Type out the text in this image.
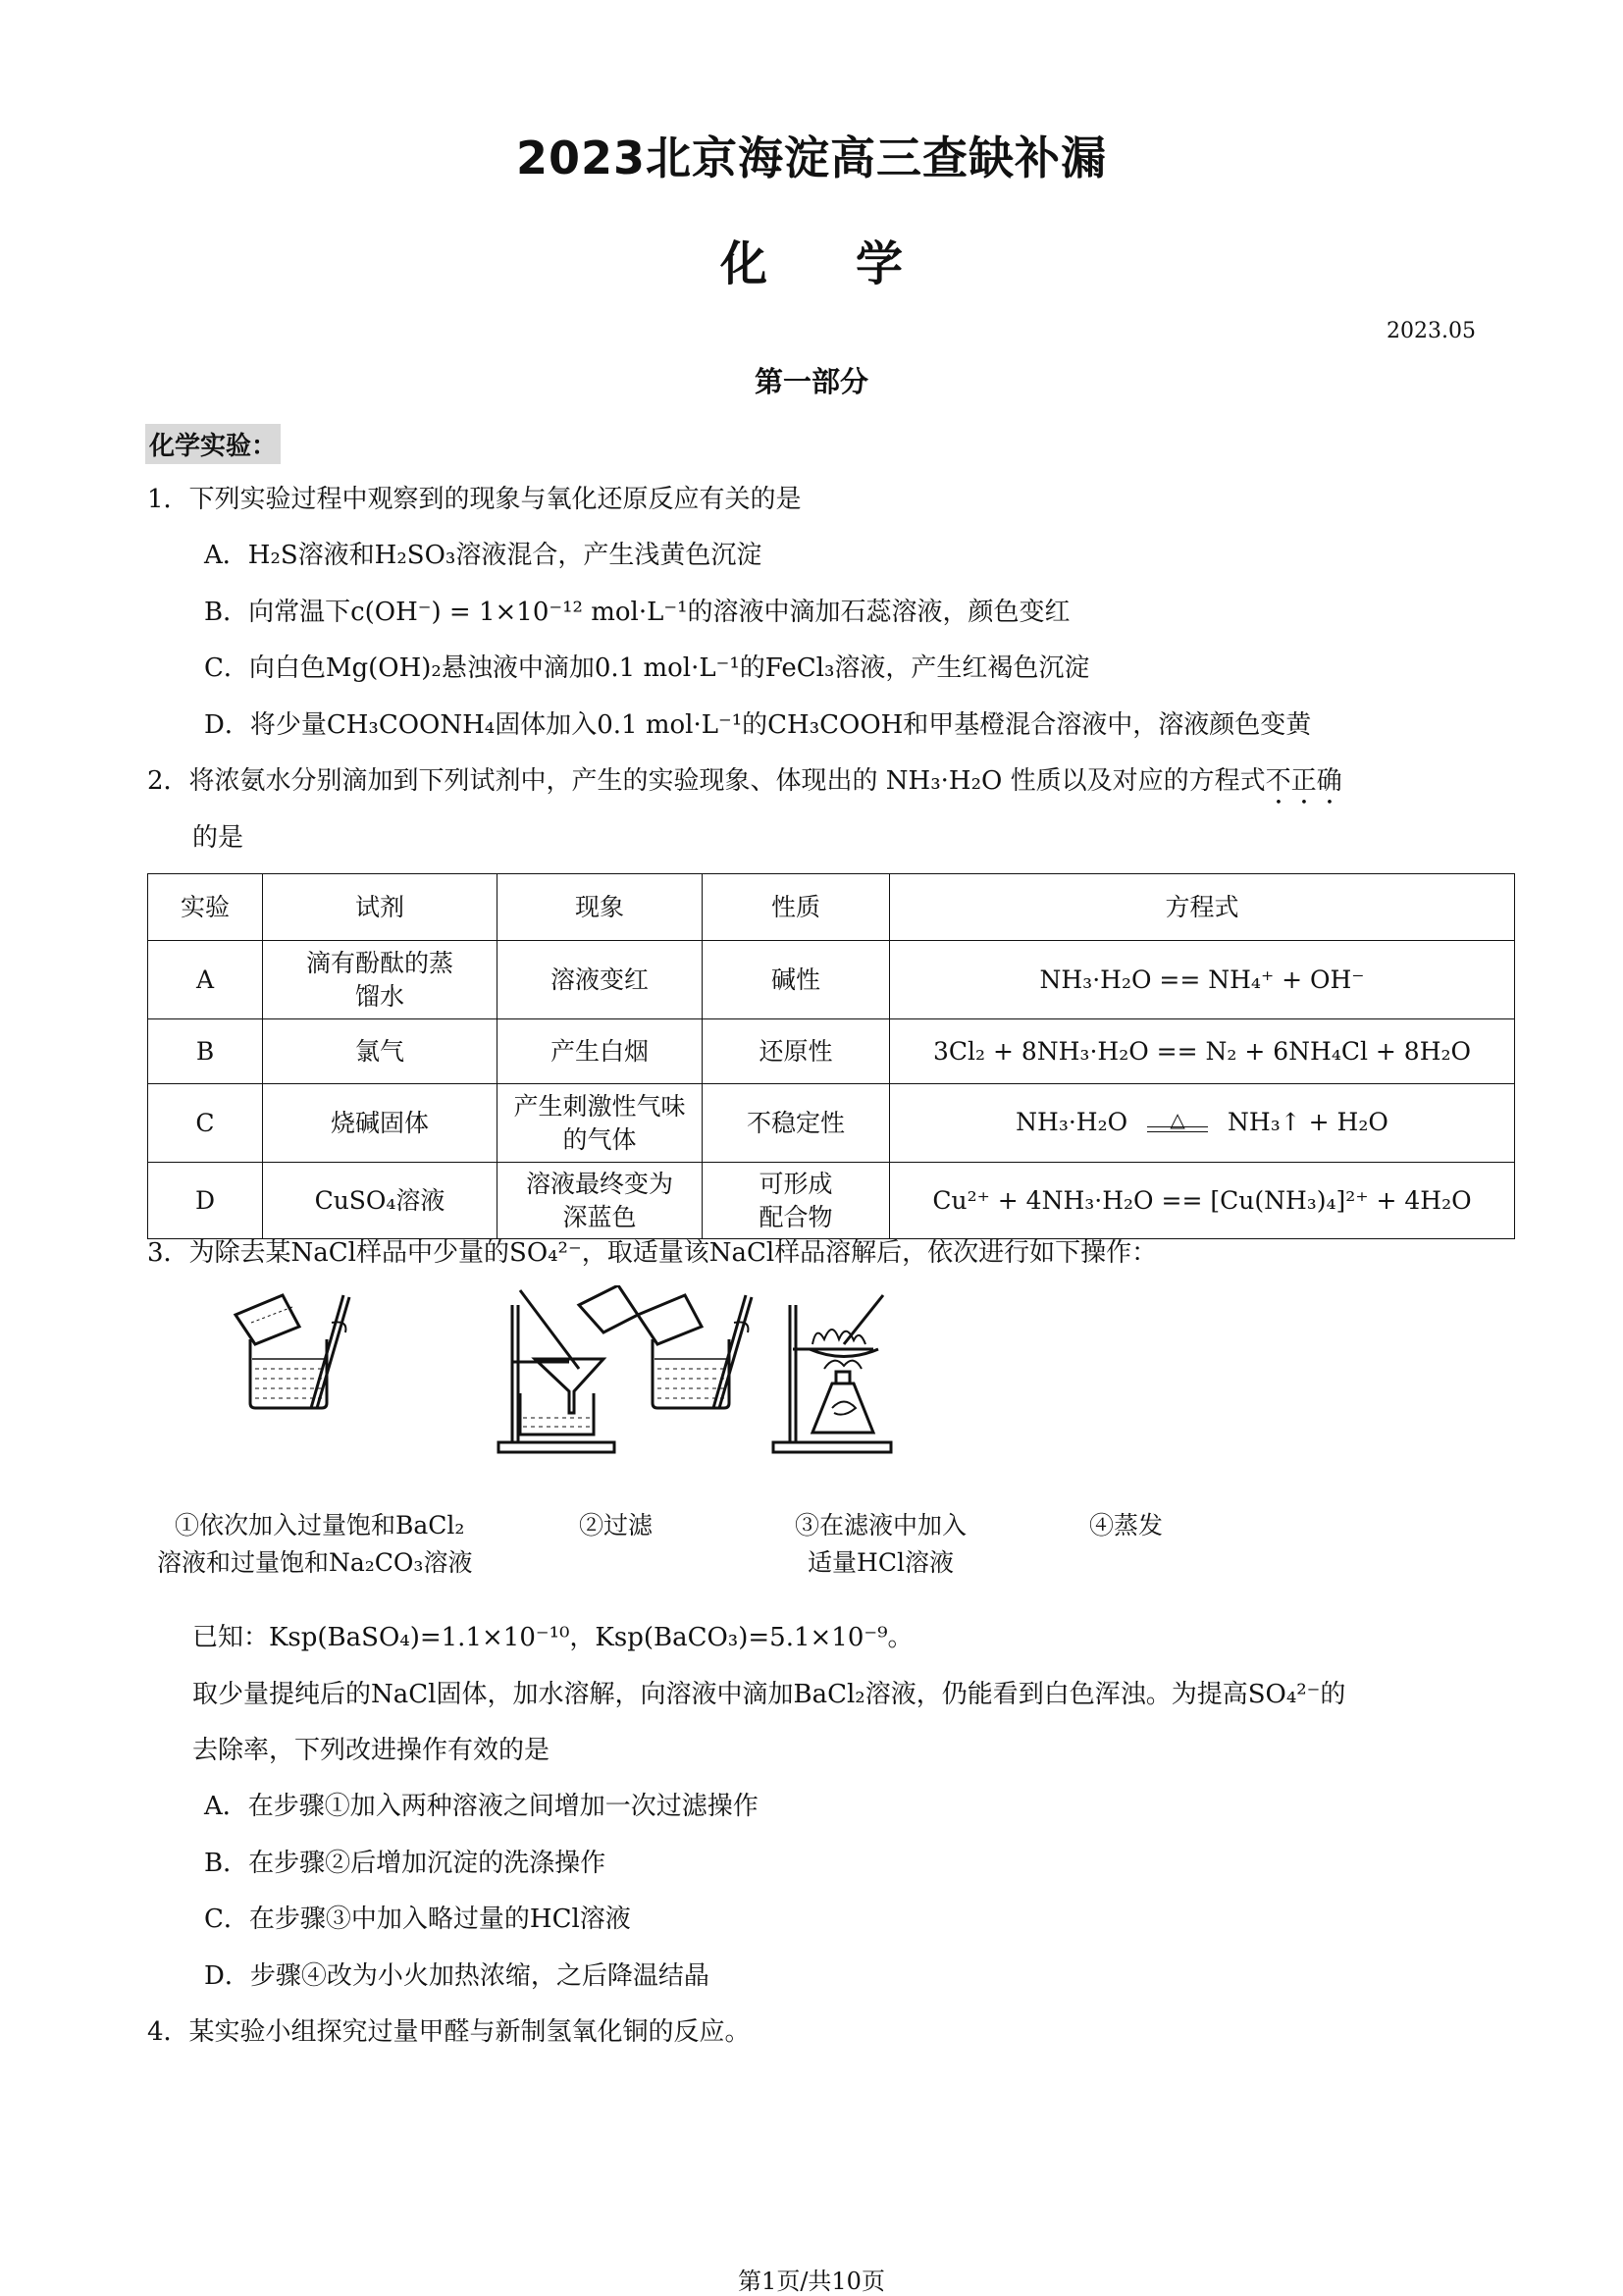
2023北京海淀高三查缺补漏
化学
2023.05
第一部分
化学实验：
1．下列实验过程中观察到的现象与氧化还原反应有关的是
A．H₂S溶液和H₂SO₃溶液混合，产生浅黄色沉淀
B．向常温下c(OH⁻) = 1×10⁻¹² mol·L⁻¹的溶液中滴加石蕊溶液，颜色变红
C．向白色Mg(OH)₂悬浊液中滴加0.1 mol·L⁻¹的FeCl₃溶液，产生红褐色沉淀
D．将少量CH₃COONH₄固体加入0.1 mol·L⁻¹的CH₃COOH和甲基橙混合溶液中，溶液颜色变黄
2．将浓氨水分别滴加到下列试剂中，产生的实验现象、体现出的 NH₃·H₂O 性质以及对应的方程式不正确
的是
实验	试剂	现象	性质	方程式
A	滴有酚酞的蒸馏水	溶液变红	碱性	NH₃·H₂O == NH₄⁺ + OH⁻
B	氯气	产生白烟	还原性	3Cl₂ + 8NH₃·H₂O == N₂ + 6NH₄Cl + 8H₂O
C	烧碱固体	产生刺激性气味的气体	不稳定性	NH₃·H₂O △ NH₃↑ + H₂O
D	CuSO₄溶液	溶液最终变为深蓝色	可形成配合物	Cu²⁺ + 4NH₃·H₂O == [Cu(NH₃)₄]²⁺ + 4H₂O
3．为除去某NaCl样品中少量的SO₄²⁻，取适量该NaCl样品溶解后，依次进行如下操作：
①依次加入过量饱和BaCl₂
溶液和过量饱和Na₂CO₃溶液
②过滤	③在滤液中加入
适量HCl溶液
④蒸发
已知：Ksp(BaSO₄)=1.1×10⁻¹⁰，Ksp(BaCO₃)=5.1×10⁻⁹。
取少量提纯后的NaCl固体，加水溶解，向溶液中滴加BaCl₂溶液，仍能看到白色浑浊。为提高SO₄²⁻的
去除率，下列改进操作有效的是
A．在步骤①加入两种溶液之间增加一次过滤操作
B．在步骤②后增加沉淀的洗涤操作
C．在步骤③中加入略过量的HCl溶液
D．步骤④改为小火加热浓缩，之后降温结晶
4．某实验小组探究过量甲醛与新制氢氧化铜的反应。
第1页/共10页
